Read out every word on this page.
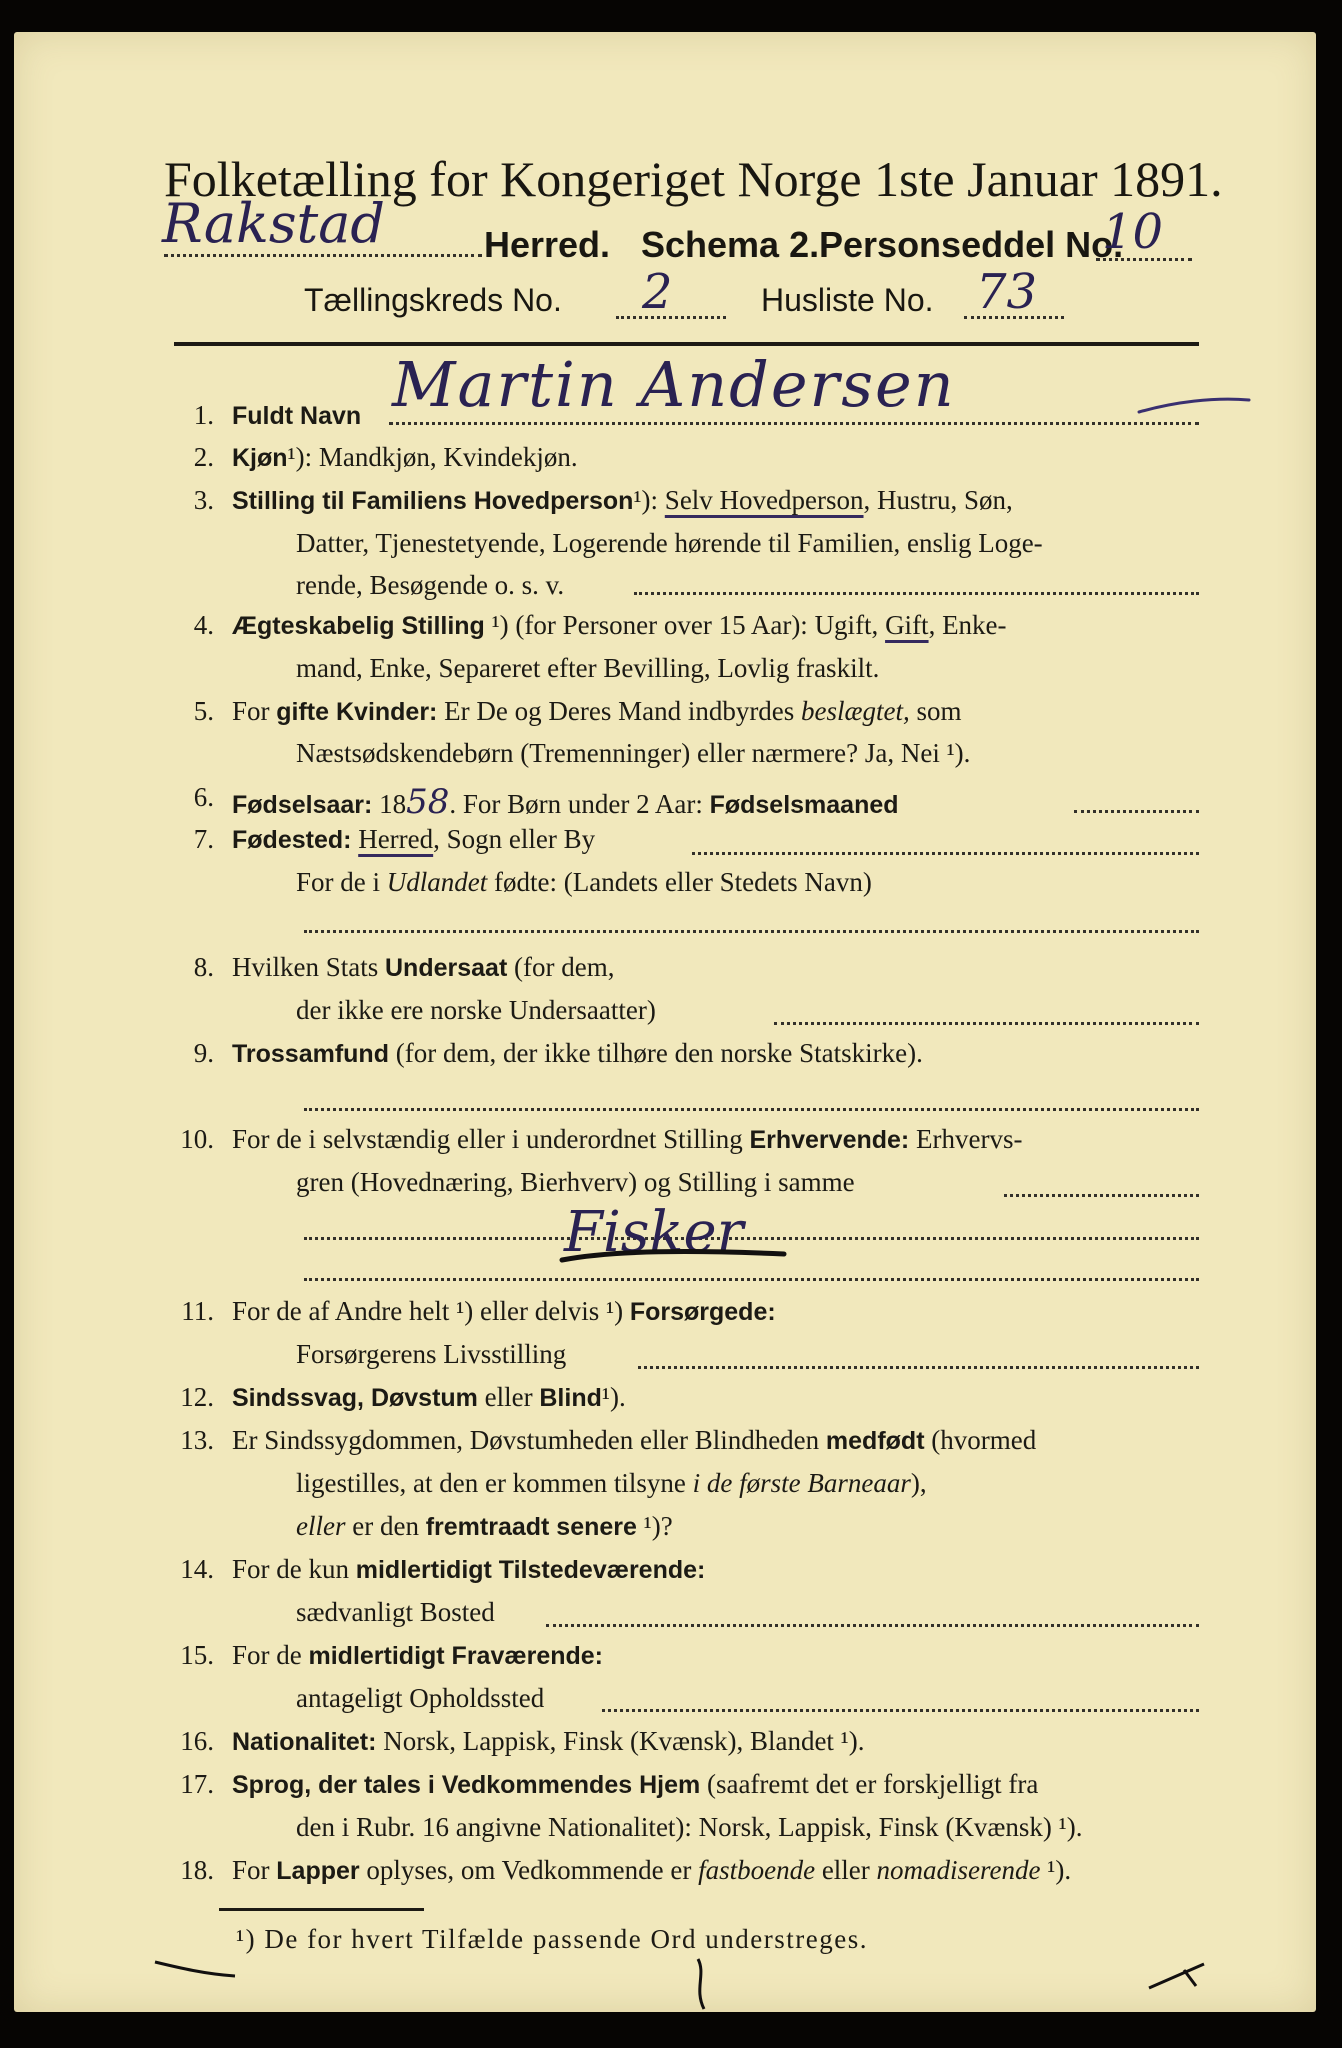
Folketælling for Kongeriget Norge 1ste Januar 1891.
Rakstad	Herred. Schema 2. Personseddel No.
10
Tællingskreds No. 2	Husliste No. 73
Martin Andersen
Fisker
1. Fuldt Navn
2. Kjøn¹): Mandkjøn, Kvindekjøn.
3. Stilling til Familiens Hovedperson¹): Selv Hovedperson, Hustru, Søn,
Datter, Tjenestetyende, Logerende hørende til Familien, enslig Loge-
rende, Besøgende o. s. v.
4. Ægteskabelig Stilling ¹) (for Personer over 15 Aar): Ugift, Gift, Enke-
mand, Enke, Separeret efter Bevilling, Lovlig fraskilt.
5. For gifte Kvinder: Er De og Deres Mand indbyrdes beslægtet, som
Næstsødskendebørn (Tremenninger) eller nærmere? Ja, Nei ¹).
6. Fødselsaar: 1858. For Børn under 2 Aar: Fødselsmaaned
7. Fødested: Herred, Sogn eller By
For de i Udlandet fødte: (Landets eller Stedets Navn)
8. Hvilken Stats Undersaat (for dem,
der ikke ere norske Undersaatter)
9. Trossamfund (for dem, der ikke tilhøre den norske Statskirke).
10. For de i selvstændig eller i underordnet Stilling Erhvervende: Erhvervs-
gren (Hovednæring, Bierhverv) og Stilling i samme
11. For de af Andre helt ¹) eller delvis ¹) Forsørgede:
Forsørgerens Livsstilling
12. Sindssvag, Døvstum eller Blind¹).
13. Er Sindssygdommen, Døvstumheden eller Blindheden medfødt (hvormed
ligestilles, at den er kommen tilsyne i de første Barneaar),
eller er den fremtraadt senere ¹)?
14. For de kun midlertidigt Tilstedeværende:
sædvanligt Bosted
15. For de midlertidigt Fraværende:
antageligt Opholdssted
16. Nationalitet: Norsk, Lappisk, Finsk (Kvænsk), Blandet ¹).
17. Sprog, der tales i Vedkommendes Hjem (saafremt det er forskjelligt fra
den i Rubr. 16 angivne Nationalitet): Norsk, Lappisk, Finsk (Kvænsk) ¹).
18. For Lapper oplyses, om Vedkommende er fastboende eller nomadiserende ¹).
¹) De for hvert Tilfælde passende Ord understreges.
